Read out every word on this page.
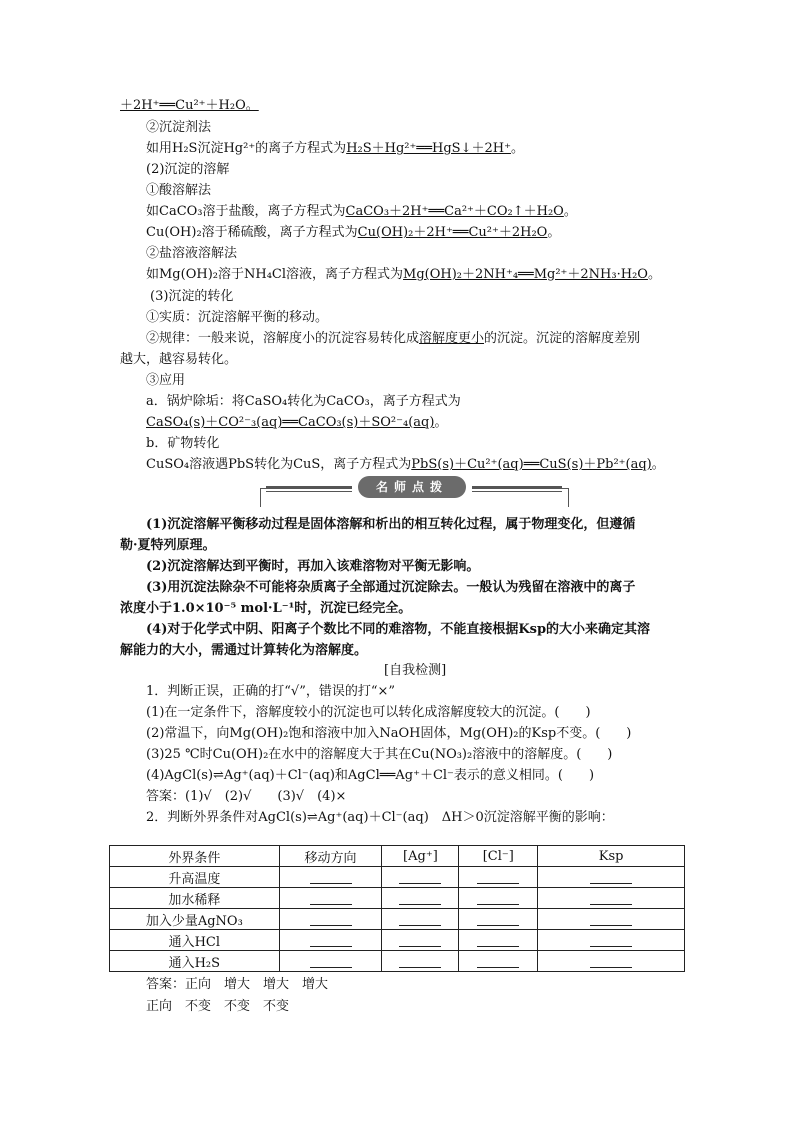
＋2H⁺══Cu²⁺＋H₂O。
②沉淀剂法
如用H₂S沉淀Hg²⁺的离子方程式为H₂S＋Hg²⁺══HgS↓＋2H⁺。
(2)沉淀的溶解
①酸溶解法
如CaCO₃溶于盐酸，离子方程式为CaCO₃＋2H⁺══Ca²⁺＋CO₂↑＋H₂O。
Cu(OH)₂溶于稀硫酸，离子方程式为Cu(OH)₂＋2H⁺══Cu²⁺＋2H₂O。
②盐溶液溶解法
如Mg(OH)₂溶于NH₄Cl溶液，离子方程式为Mg(OH)₂＋2NH⁺₄══Mg²⁺＋2NH₃·H₂O。
(3)沉淀的转化
①实质：沉淀溶解平衡的移动。
②规律：一般来说，溶解度小的沉淀容易转化成溶解度更小的沉淀。沉淀的溶解度差别
越大，越容易转化。
③应用
a．锅炉除垢：将CaSO₄转化为CaCO₃，离子方程式为
CaSO₄(s)＋CO²⁻₃(aq)══CaCO₃(s)＋SO²⁻₄(aq)。
b．矿物转化
CuSO₄溶液遇PbS转化为CuS，离子方程式为PbS(s)＋Cu²⁺(aq)══CuS(s)＋Pb²⁺(aq)。
名师点拨
(1)沉淀溶解平衡移动过程是固体溶解和析出的相互转化过程，属于物理变化，但遵循
勒·夏特列原理。
(2)沉淀溶解达到平衡时，再加入该难溶物对平衡无影响。
(3)用沉淀法除杂不可能将杂质离子全部通过沉淀除去。一般认为残留在溶液中的离子
浓度小于1.0×10⁻⁵ mol·L⁻¹时，沉淀已经完全。
(4)对于化学式中阴、阳离子个数比不同的难溶物，不能直接根据Ksp的大小来确定其溶
解能力的大小，需通过计算转化为溶解度。
[自我检测]
1．判断正误，正确的打“√”，错误的打“×”
(1)在一定条件下，溶解度较小的沉淀也可以转化成溶解度较大的沉淀。(　　)
(2)常温下，向Mg(OH)₂饱和溶液中加入NaOH固体，Mg(OH)₂的Ksp不变。(　　)
(3)25 ℃时Cu(OH)₂在水中的溶解度大于其在Cu(NO₃)₂溶液中的溶解度。(　　)
(4)AgCl(s)⇌Ag⁺(aq)＋Cl⁻(aq)和AgCl══Ag⁺＋Cl⁻表示的意义相同。(　　)
答案：(1)√　(2)√　　(3)√　(4)×
2．判断外界条件对AgCl(s)⇌Ag⁺(aq)＋Cl⁻(aq)　ΔH＞0沉淀溶解平衡的影响：
外界条件	移动方向	[Ag⁺]	[Cl⁻]	Ksp
升高温度				
加水稀释				
加入少量AgNO₃				
通入HCl				
通入H₂S				
答案：正向　增大　增大　增大
正向　不变　不变　不变
